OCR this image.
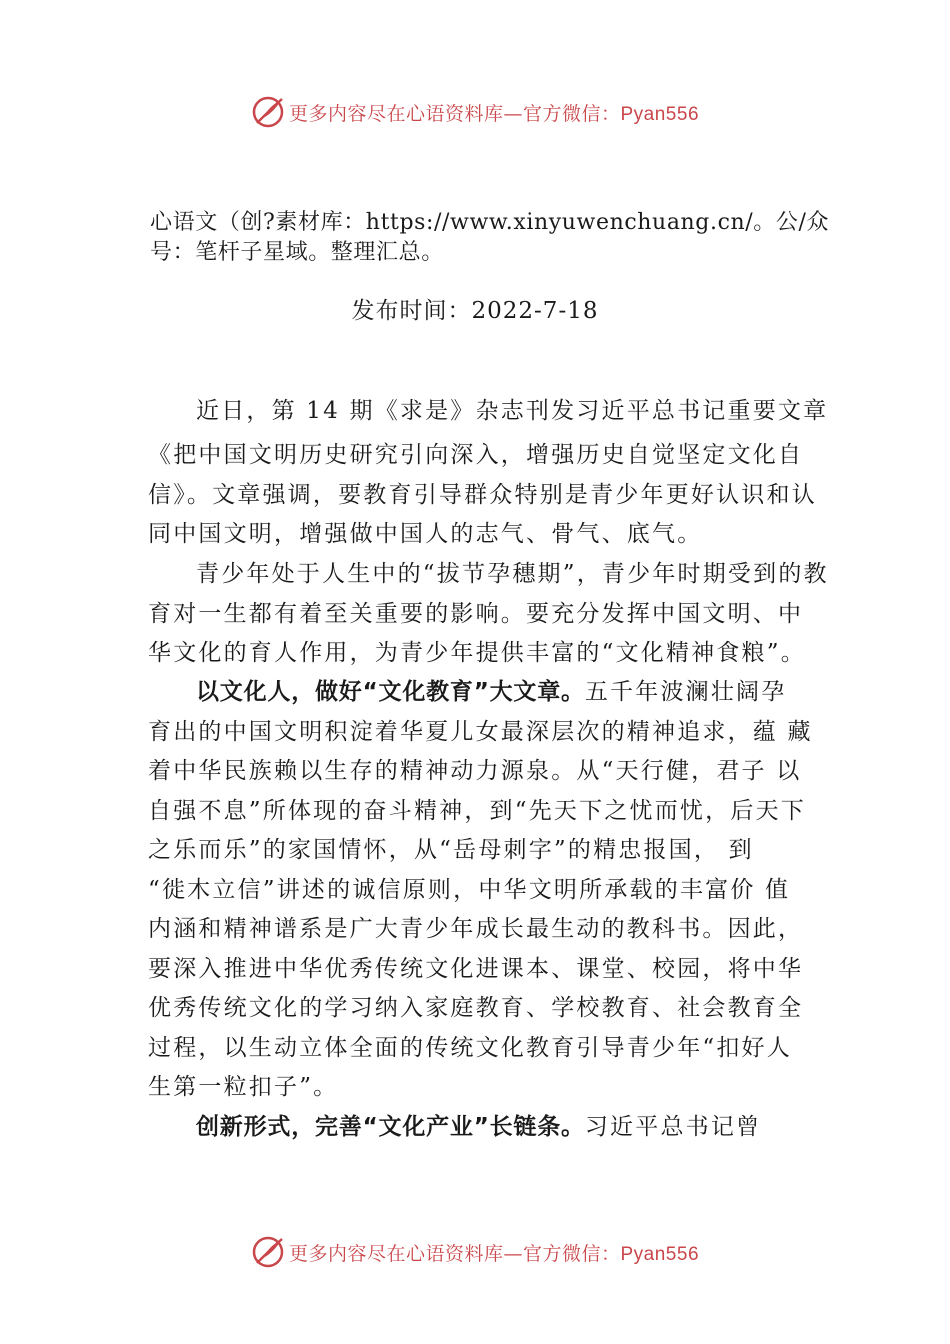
更多内容尽在心语资料库—官方微信：Pyan556
心语文（创?素材库：https://www.xinyuwenchuang.cn/。公/众号：笔杆子星域。整理汇总。
发布时间：2022-7-18
近日，第 14 期《求是》杂志刊发习近平总书记重要文章
《把中国文明历史研究引向深入，增强历史自觉坚定文化自
信》。文章强调，要教育引导群众特别是青少年更好认识和认
同中国文明，增强做中国人的志气、骨气、底气。
青少年处于人生中的“拔节孕穗期”，青少年时期受到的教
育对一生都有着至关重要的影响。要充分发挥中国文明、中
华文化的育人作用，为青少年提供丰富的“文化精神食粮”。
以文化人，做好“文化教育”大文章。五千年波澜壮阔孕
育出的中国文明积淀着华夏儿女最深层次的精神追求，蕴 藏
着中华民族赖以生存的精神动力源泉。从“天行健，君子 以
自强不息”所体现的奋斗精神，到“先天下之忧而忧，后天下
之乐而乐”的家国情怀，从“岳母刺字”的精忠报国， 到
“徙木立信”讲述的诚信原则，中华文明所承载的丰富价 值
内涵和精神谱系是广大青少年成长最生动的教科书。因此，
要深入推进中华优秀传统文化进课本、课堂、校园，将中华
优秀传统文化的学习纳入家庭教育、学校教育、社会教育全
过程，以生动立体全面的传统文化教育引导青少年“扣好人
生第一粒扣子”。
创新形式，完善“文化产业”长链条。习近平总书记曾
更多内容尽在心语资料库—官方微信：Pyan556
